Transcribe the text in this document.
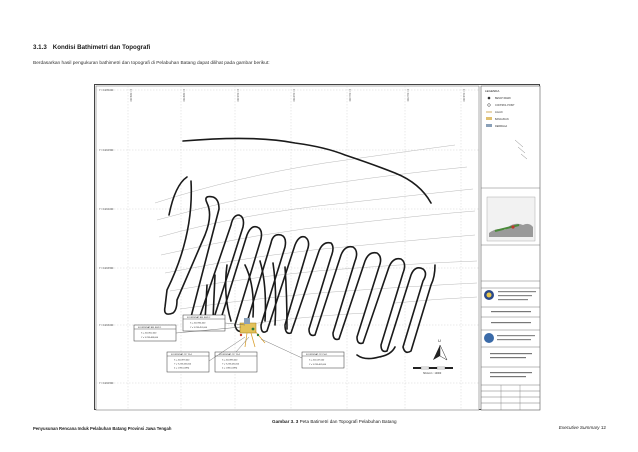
3.1.3 Kondisi Bathimetri dan Topografi
Berdasarkan hasil pengukuran bathimetri dan topografi di Pelabuhan Batang dapat dilihat pada gambar berikut:
LEGENDA
BENCH MARK
CONTROL POINT
JALAN
BANGUNAN
DERMAGA
Y = 9.235.000
Y = 9.234.500
Y = 9.234.000
Y = 9.233.500
Y = 9.233.000
Y = 9.232.500
X = 409.000	X = 409.500	X = 410.000	X = 410.500	X = 411.000	X = 411.500	X = 412.000
KOORDINAT BM. BGP-1
X = 410.812,000
Y = 9.233.468,000
KOORDINAT BM. BGP-2
X = 410.934,000
Y = 9.233.451,000
KOORDINAT CP. TG-1
X = 410.879,000
Y = 9.233.432,000
Z = 1.965 (LWS)
KOORDINAT CP. TG-2
X = 410.893,000
Y = 9.233.420,000
Z = 1.865 (LWS)
KOORDINAT CP. PH-1
X = 411.047,000
Y = 9.233.402,000
U
SKALA 1 : 10000
Gambar 3. 3 Peta Batimetri dan Topografi Pelabuhan Batang
Penyusunan Rencana Induk Pelabuhan Batang Provinsi Jawa Tengah	Executive Summary 12
